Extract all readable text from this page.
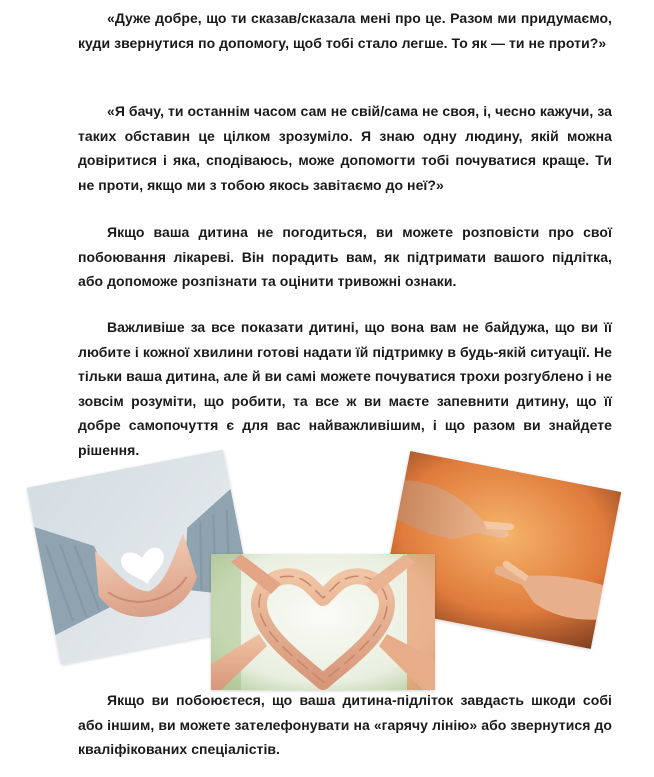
«Дуже добре, що ти сказав/сказала мені про це. Разом ми придумаємо, куди звернутися по допомогу, щоб тобі стало легше. То як — ти не проти?»

«Я бачу, ти останнім часом сам не свій/сама не своя, і, чесно кажучи, за таких обставин це цілком зрозуміло. Я знаю одну людину, якій можна довіритися і яка, сподіваюсь, може допомогти тобі почуватися краще. Ти не проти, якщо ми з тобою якось завітаємо до неї?»

Якщо ваша дитина не погодиться, ви можете розповісти про свої побоювання лікареві. Він порадить вам, як підтримати вашого підлітка, або допоможе розпізнати та оцінити тривожні ознаки.

Важливіше за все показати дитині, що вона вам не байдужа, що ви її любите і кожної хвилини готові надати їй підтримку в будь-якій ситуації. Не тільки ваша дитина, але й ви самі можете почуватися трохи розгублено і не зовсім розуміти, що робити, та все ж ви маєте запевнити дитину, що її добре самопочуття є для вас найважливішим, і що разом ви знайдете рішення.

Якщо ви побоюєтеся, що ваша дитина-підліток завдасть шкоди собі або іншим, ви можете зателефонувати на «гарячу лінію» або звернутися до кваліфікованих спеціалістів.
